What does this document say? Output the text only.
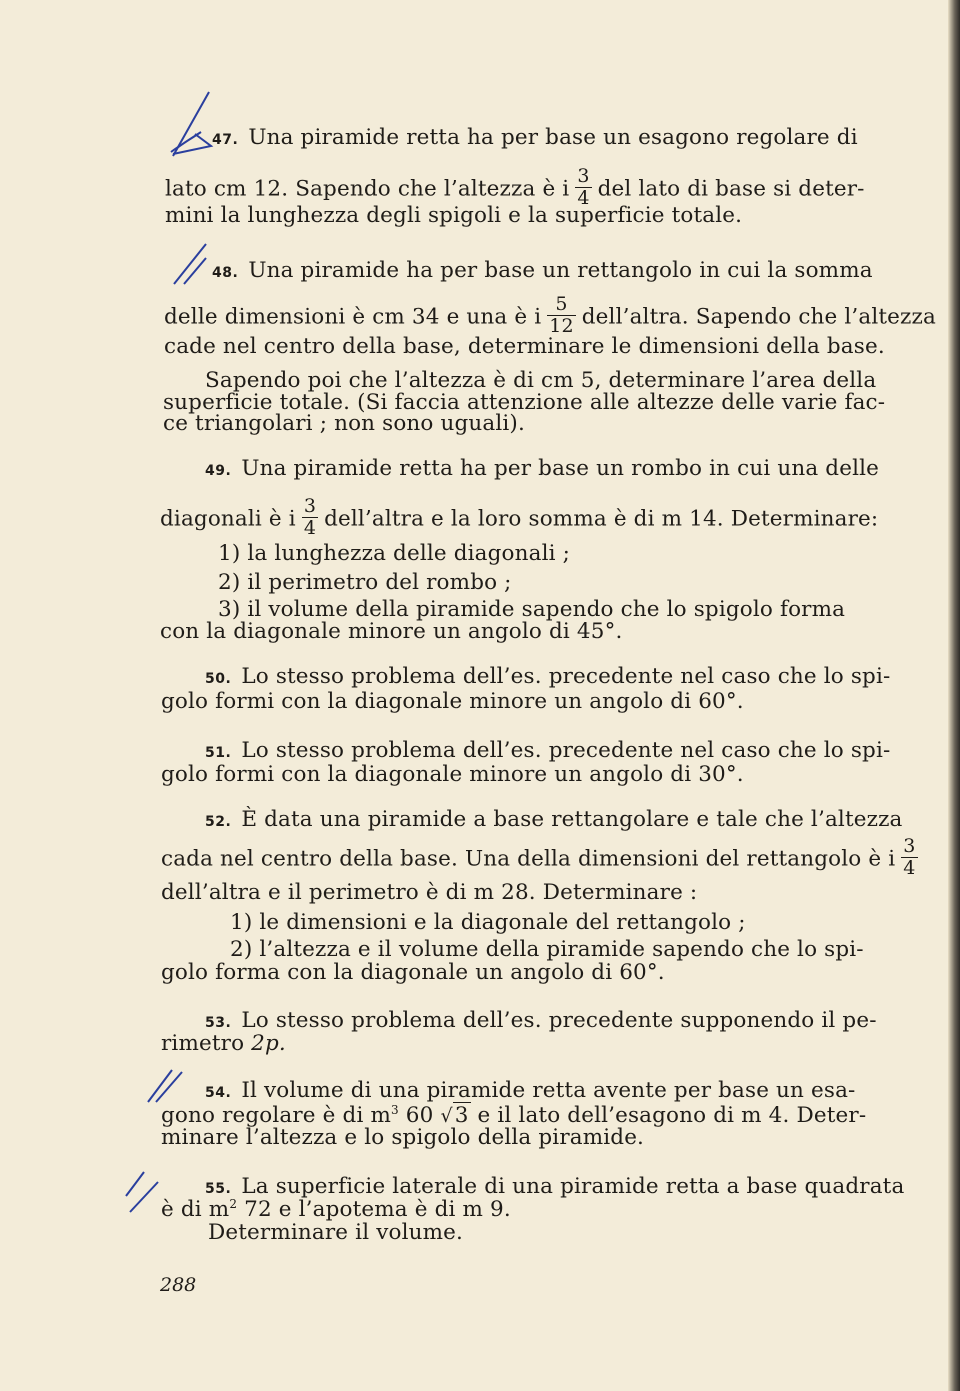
47. Una piramide retta ha per base un esagono regolare di
lato cm 12. Sapendo che l’altezza è i $\frac{3}{4}$ del lato di base si deter-
mini la lunghezza degli spigoli e la superficie totale.
48. Una piramide ha per base un rettangolo in cui la somma
delle dimensioni è cm 34 e una è i $\frac{5}{12}$ dell’altra. Sapendo che l’altezza
cade nel centro della base, determinare le dimensioni della base.
Sapendo poi che l’altezza è di cm 5, determinare l’area della
superficie totale. (Si faccia attenzione alle altezze delle varie fac-
ce triangolari ; non sono uguali).
49. Una piramide retta ha per base un rombo in cui una delle
diagonali è i $\frac{3}{4}$ dell’altra e la loro somma è di m 14. Determinare:
1) la lunghezza delle diagonali ;
2) il perimetro del rombo ;
3) il volume della piramide sapendo che lo spigolo forma
con la diagonale minore un angolo di 45°.
50. Lo stesso problema dell’es. precedente nel caso che lo spi-
golo formi con la diagonale minore un angolo di 60°.
51. Lo stesso problema dell’es. precedente nel caso che lo spi-
golo formi con la diagonale minore un angolo di 30°.
52. È data una piramide a base rettangolare e tale che l’altezza
cada nel centro della base. Una della dimensioni del rettangolo è i $\frac{3}{4}$
dell’altra e il perimetro è di m 28. Determinare :
1) le dimensioni e la diagonale del rettangolo ;
2) l’altezza e il volume della piramide sapendo che lo spi-
golo forma con la diagonale un angolo di 60°.
53. Lo stesso problema dell’es. precedente supponendo il pe-
rimetro 2p.
54. Il volume di una piramide retta avente per base un esa-
gono regolare è di $m^3$ 60 √3 e il lato dell’esagono di m 4. Deter-
minare l’altezza e lo spigolo della piramide.
55. La superficie laterale di una piramide retta a base quadrata
è di $m^2$ 72 e l’apotema è di m 9.
Determinare il volume.
288
